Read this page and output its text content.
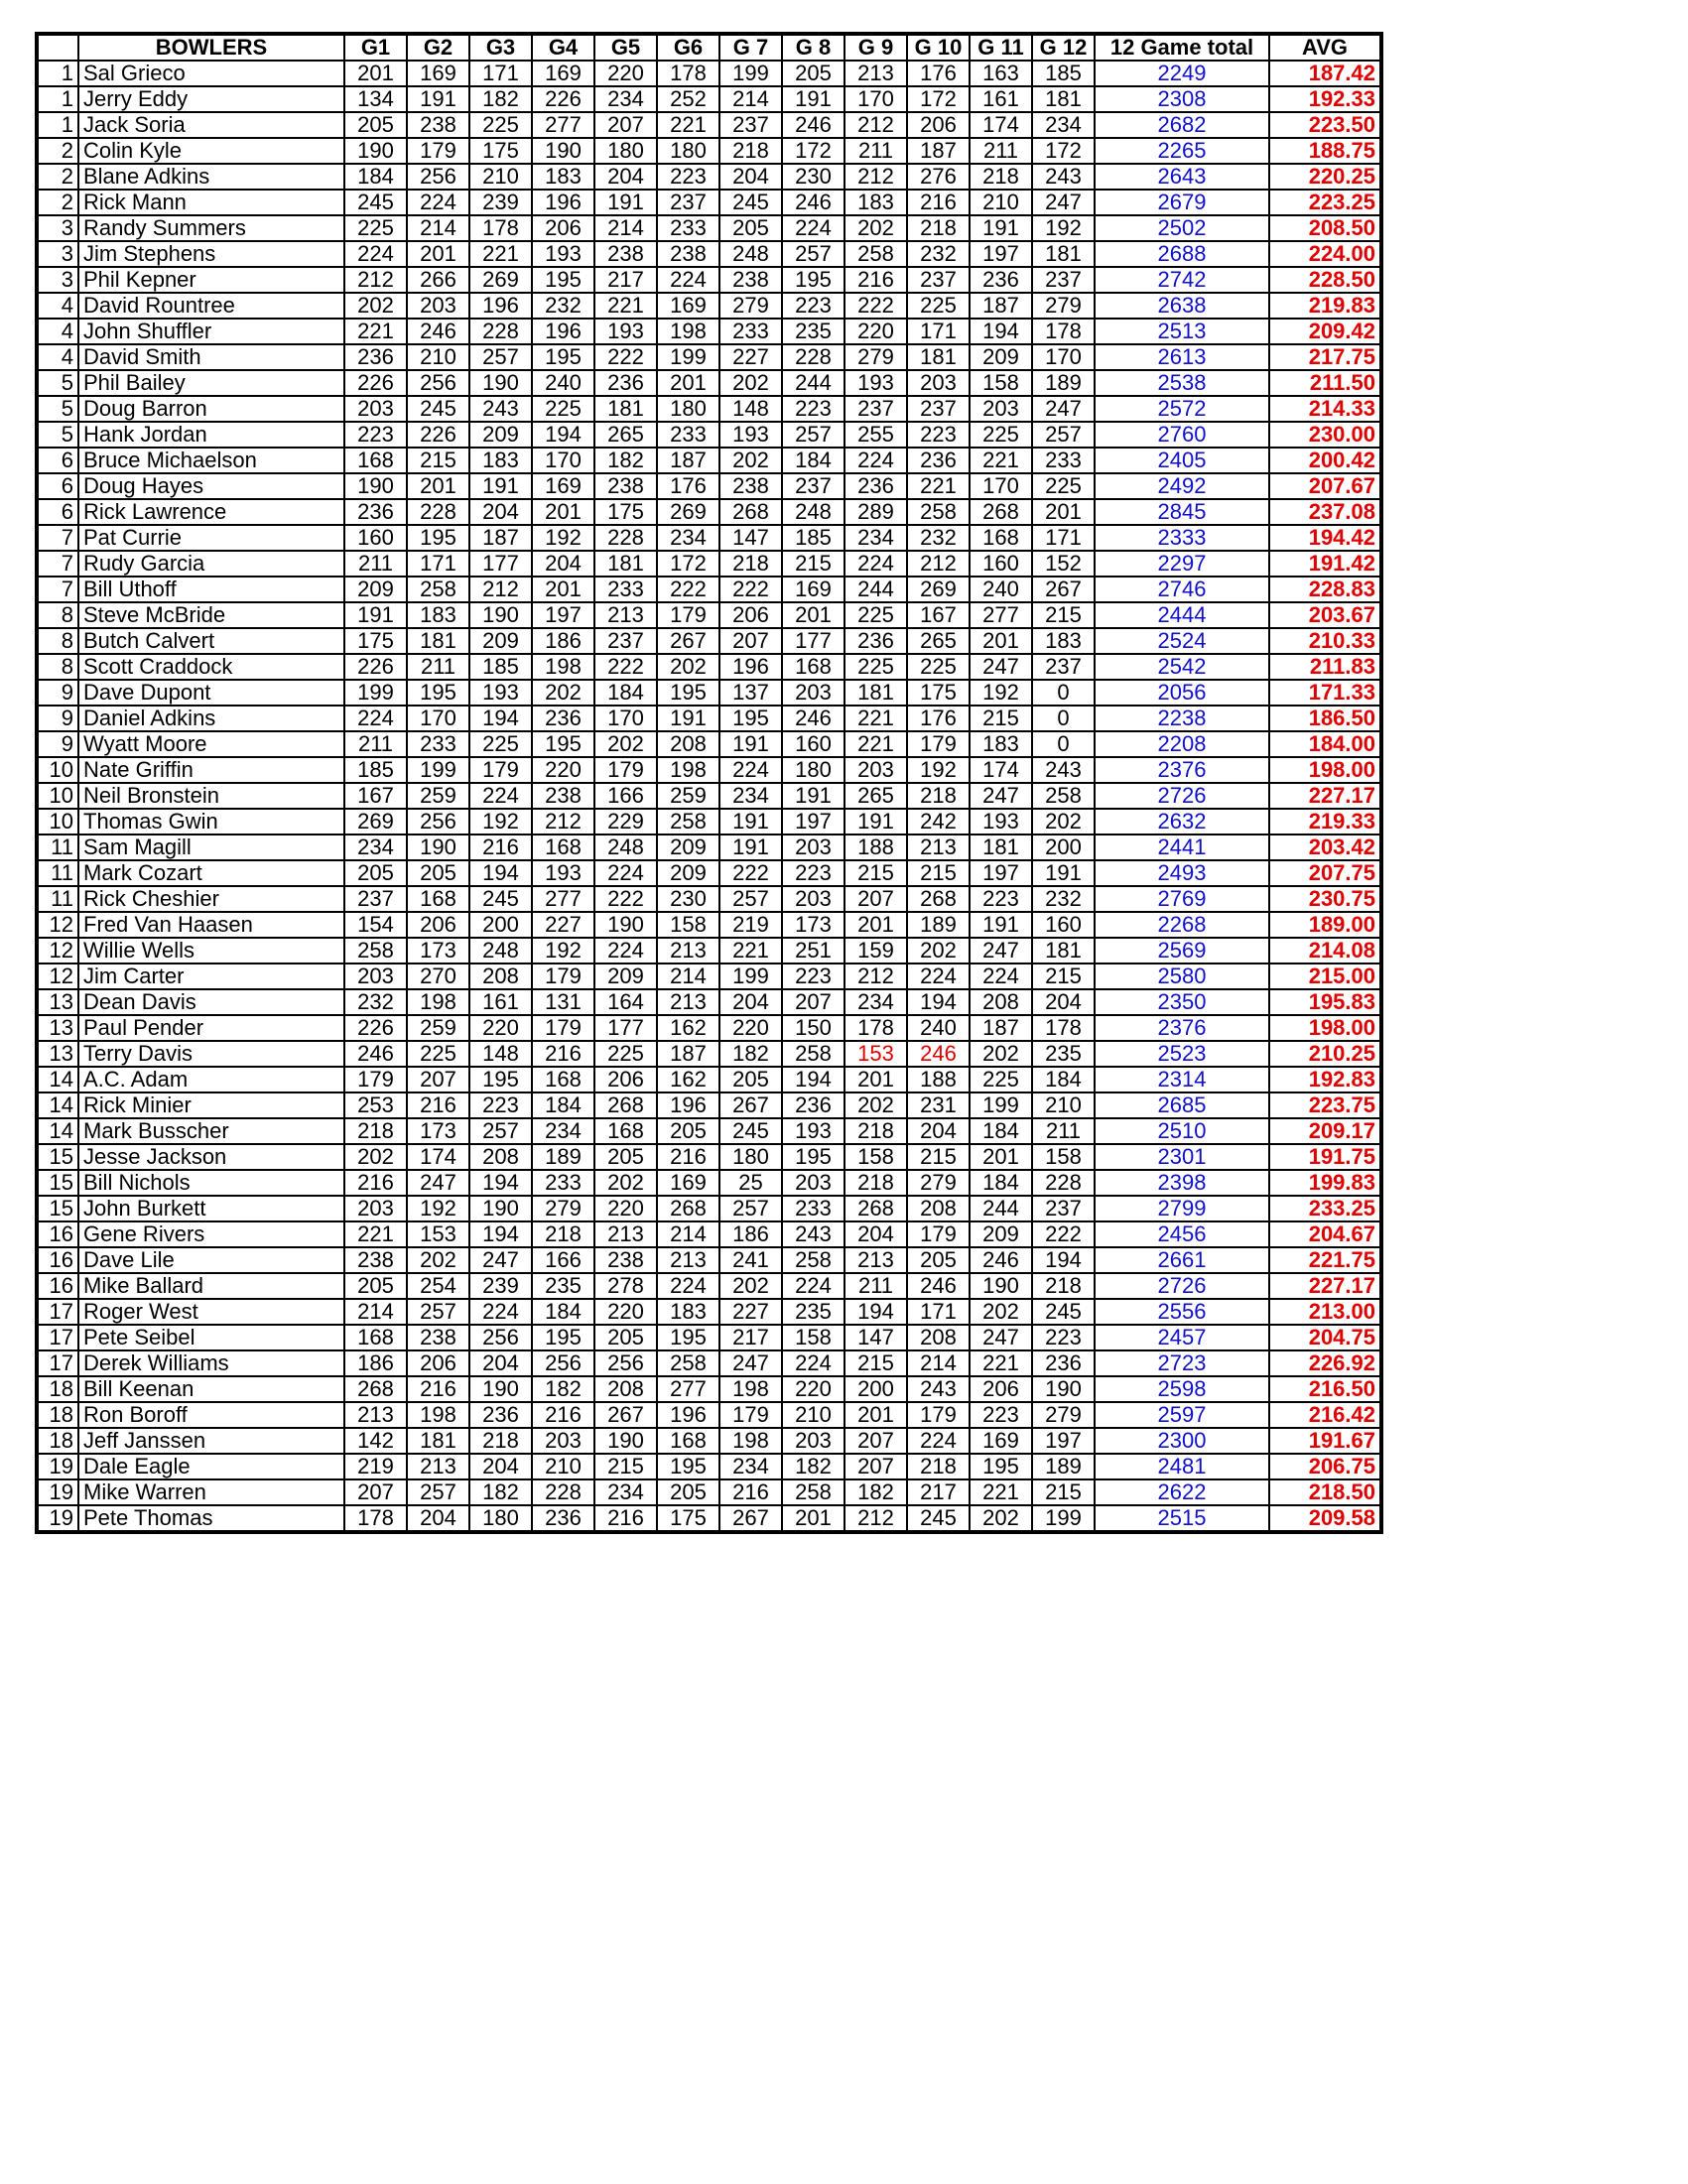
	BOWLERS	G1	G2	G3	G4	G5	G6	G 7	G 8	G 9	G 10	G 11	G 12	12 Game total	AVG
1	Sal Grieco	201	169	171	169	220	178	199	205	213	176	163	185	2249	187.42
1	Jerry Eddy	134	191	182	226	234	252	214	191	170	172	161	181	2308	192.33
1	Jack Soria	205	238	225	277	207	221	237	246	212	206	174	234	2682	223.50
2	Colin Kyle	190	179	175	190	180	180	218	172	211	187	211	172	2265	188.75
2	Blane Adkins	184	256	210	183	204	223	204	230	212	276	218	243	2643	220.25
2	Rick Mann	245	224	239	196	191	237	245	246	183	216	210	247	2679	223.25
3	Randy Summers	225	214	178	206	214	233	205	224	202	218	191	192	2502	208.50
3	Jim Stephens	224	201	221	193	238	238	248	257	258	232	197	181	2688	224.00
3	Phil Kepner	212	266	269	195	217	224	238	195	216	237	236	237	2742	228.50
4	David Rountree	202	203	196	232	221	169	279	223	222	225	187	279	2638	219.83
4	John Shuffler	221	246	228	196	193	198	233	235	220	171	194	178	2513	209.42
4	David Smith	236	210	257	195	222	199	227	228	279	181	209	170	2613	217.75
5	Phil Bailey	226	256	190	240	236	201	202	244	193	203	158	189	2538	211.50
5	Doug Barron	203	245	243	225	181	180	148	223	237	237	203	247	2572	214.33
5	Hank Jordan	223	226	209	194	265	233	193	257	255	223	225	257	2760	230.00
6	Bruce Michaelson	168	215	183	170	182	187	202	184	224	236	221	233	2405	200.42
6	Doug Hayes	190	201	191	169	238	176	238	237	236	221	170	225	2492	207.67
6	Rick Lawrence	236	228	204	201	175	269	268	248	289	258	268	201	2845	237.08
7	Pat Currie	160	195	187	192	228	234	147	185	234	232	168	171	2333	194.42
7	Rudy Garcia	211	171	177	204	181	172	218	215	224	212	160	152	2297	191.42
7	Bill Uthoff	209	258	212	201	233	222	222	169	244	269	240	267	2746	228.83
8	Steve McBride	191	183	190	197	213	179	206	201	225	167	277	215	2444	203.67
8	Butch Calvert	175	181	209	186	237	267	207	177	236	265	201	183	2524	210.33
8	Scott Craddock	226	211	185	198	222	202	196	168	225	225	247	237	2542	211.83
9	Dave Dupont	199	195	193	202	184	195	137	203	181	175	192	0	2056	171.33
9	Daniel Adkins	224	170	194	236	170	191	195	246	221	176	215	0	2238	186.50
9	Wyatt Moore	211	233	225	195	202	208	191	160	221	179	183	0	2208	184.00
10	Nate Griffin	185	199	179	220	179	198	224	180	203	192	174	243	2376	198.00
10	Neil Bronstein	167	259	224	238	166	259	234	191	265	218	247	258	2726	227.17
10	Thomas Gwin	269	256	192	212	229	258	191	197	191	242	193	202	2632	219.33
11	Sam Magill	234	190	216	168	248	209	191	203	188	213	181	200	2441	203.42
11	Mark Cozart	205	205	194	193	224	209	222	223	215	215	197	191	2493	207.75
11	Rick Cheshier	237	168	245	277	222	230	257	203	207	268	223	232	2769	230.75
12	Fred Van Haasen	154	206	200	227	190	158	219	173	201	189	191	160	2268	189.00
12	Willie Wells	258	173	248	192	224	213	221	251	159	202	247	181	2569	214.08
12	Jim Carter	203	270	208	179	209	214	199	223	212	224	224	215	2580	215.00
13	Dean Davis	232	198	161	131	164	213	204	207	234	194	208	204	2350	195.83
13	Paul Pender	226	259	220	179	177	162	220	150	178	240	187	178	2376	198.00
13	Terry Davis	246	225	148	216	225	187	182	258	153	246	202	235	2523	210.25
14	A.C. Adam	179	207	195	168	206	162	205	194	201	188	225	184	2314	192.83
14	Rick Minier	253	216	223	184	268	196	267	236	202	231	199	210	2685	223.75
14	Mark Busscher	218	173	257	234	168	205	245	193	218	204	184	211	2510	209.17
15	Jesse Jackson	202	174	208	189	205	216	180	195	158	215	201	158	2301	191.75
15	Bill Nichols	216	247	194	233	202	169	25	203	218	279	184	228	2398	199.83
15	John Burkett	203	192	190	279	220	268	257	233	268	208	244	237	2799	233.25
16	Gene Rivers	221	153	194	218	213	214	186	243	204	179	209	222	2456	204.67
16	Dave Lile	238	202	247	166	238	213	241	258	213	205	246	194	2661	221.75
16	Mike Ballard	205	254	239	235	278	224	202	224	211	246	190	218	2726	227.17
17	Roger West	214	257	224	184	220	183	227	235	194	171	202	245	2556	213.00
17	Pete Seibel	168	238	256	195	205	195	217	158	147	208	247	223	2457	204.75
17	Derek Williams	186	206	204	256	256	258	247	224	215	214	221	236	2723	226.92
18	Bill Keenan	268	216	190	182	208	277	198	220	200	243	206	190	2598	216.50
18	Ron Boroff	213	198	236	216	267	196	179	210	201	179	223	279	2597	216.42
18	Jeff Janssen	142	181	218	203	190	168	198	203	207	224	169	197	2300	191.67
19	Dale Eagle	219	213	204	210	215	195	234	182	207	218	195	189	2481	206.75
19	Mike Warren	207	257	182	228	234	205	216	258	182	217	221	215	2622	218.50
19	Pete Thomas	178	204	180	236	216	175	267	201	212	245	202	199	2515	209.58
